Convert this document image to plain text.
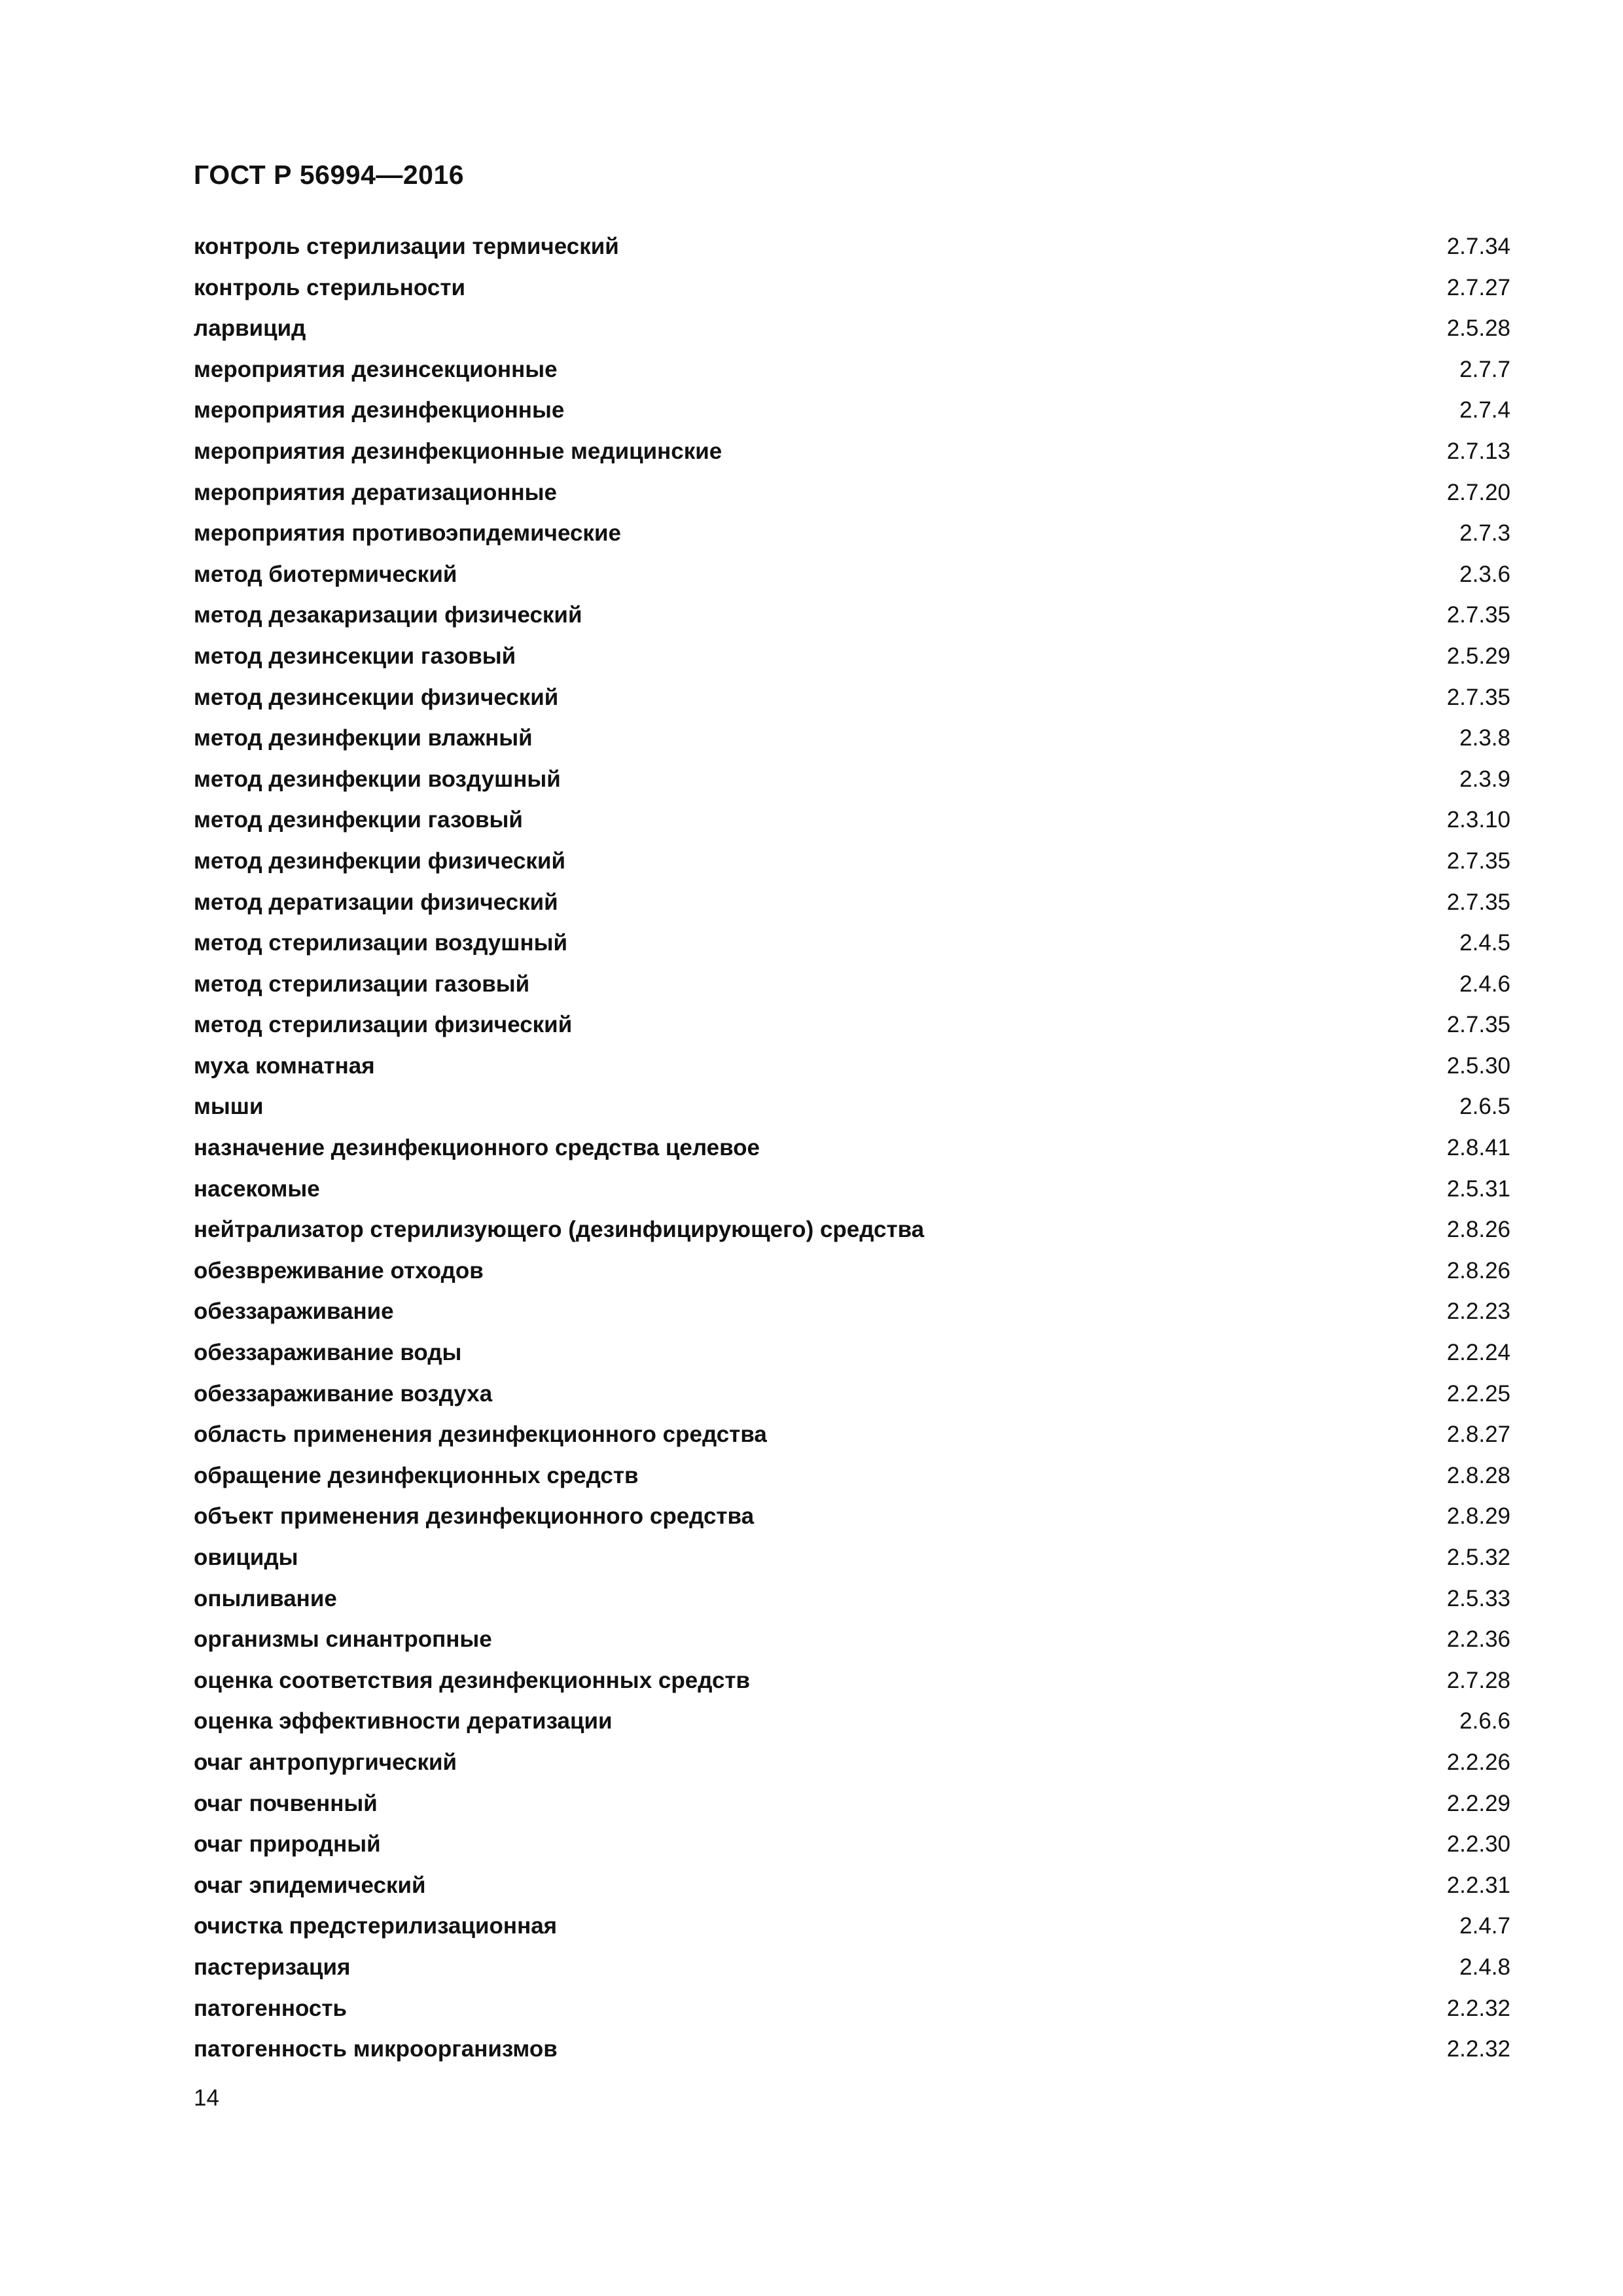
ГОСТ Р 56994—2016
контроль стерилизации термический	2.7.34
контроль стерильности	2.7.27
ларвицид	2.5.28
мероприятия дезинсекционные	2.7.7
мероприятия дезинфекционные	2.7.4
мероприятия дезинфекционные медицинские	2.7.13
мероприятия дератизационные	2.7.20
мероприятия противоэпидемические	2.7.3
метод биотермический	2.3.6
метод дезакаризации физический	2.7.35
метод дезинсекции газовый	2.5.29
метод дезинсекции физический	2.7.35
метод дезинфекции влажный	2.3.8
метод дезинфекции воздушный	2.3.9
метод дезинфекции газовый	2.3.10
метод дезинфекции физический	2.7.35
метод дератизации физический	2.7.35
метод стерилизации воздушный	2.4.5
метод стерилизации газовый	2.4.6
метод стерилизации физический	2.7.35
муха комнатная	2.5.30
мыши	2.6.5
назначение дезинфекционного средства целевое	2.8.41
насекомые	2.5.31
нейтрализатор стерилизующего (дезинфицирующего) средства	2.8.26
обезвреживание отходов	2.8.26
обеззараживание	2.2.23
обеззараживание воды	2.2.24
обеззараживание воздуха	2.2.25
область применения дезинфекционного средства	2.8.27
обращение дезинфекционных средств	2.8.28
объект применения дезинфекционного средства	2.8.29
овициды	2.5.32
опыливание	2.5.33
организмы синантропные	2.2.36
оценка соответствия дезинфекционных средств	2.7.28
оценка эффективности дератизации	2.6.6
очаг антропургический	2.2.26
очаг почвенный	2.2.29
очаг природный	2.2.30
очаг эпидемический	2.2.31
очистка предстерилизационная	2.4.7
пастеризация	2.4.8
патогенность	2.2.32
патогенность микроорганизмов	2.2.32
14
